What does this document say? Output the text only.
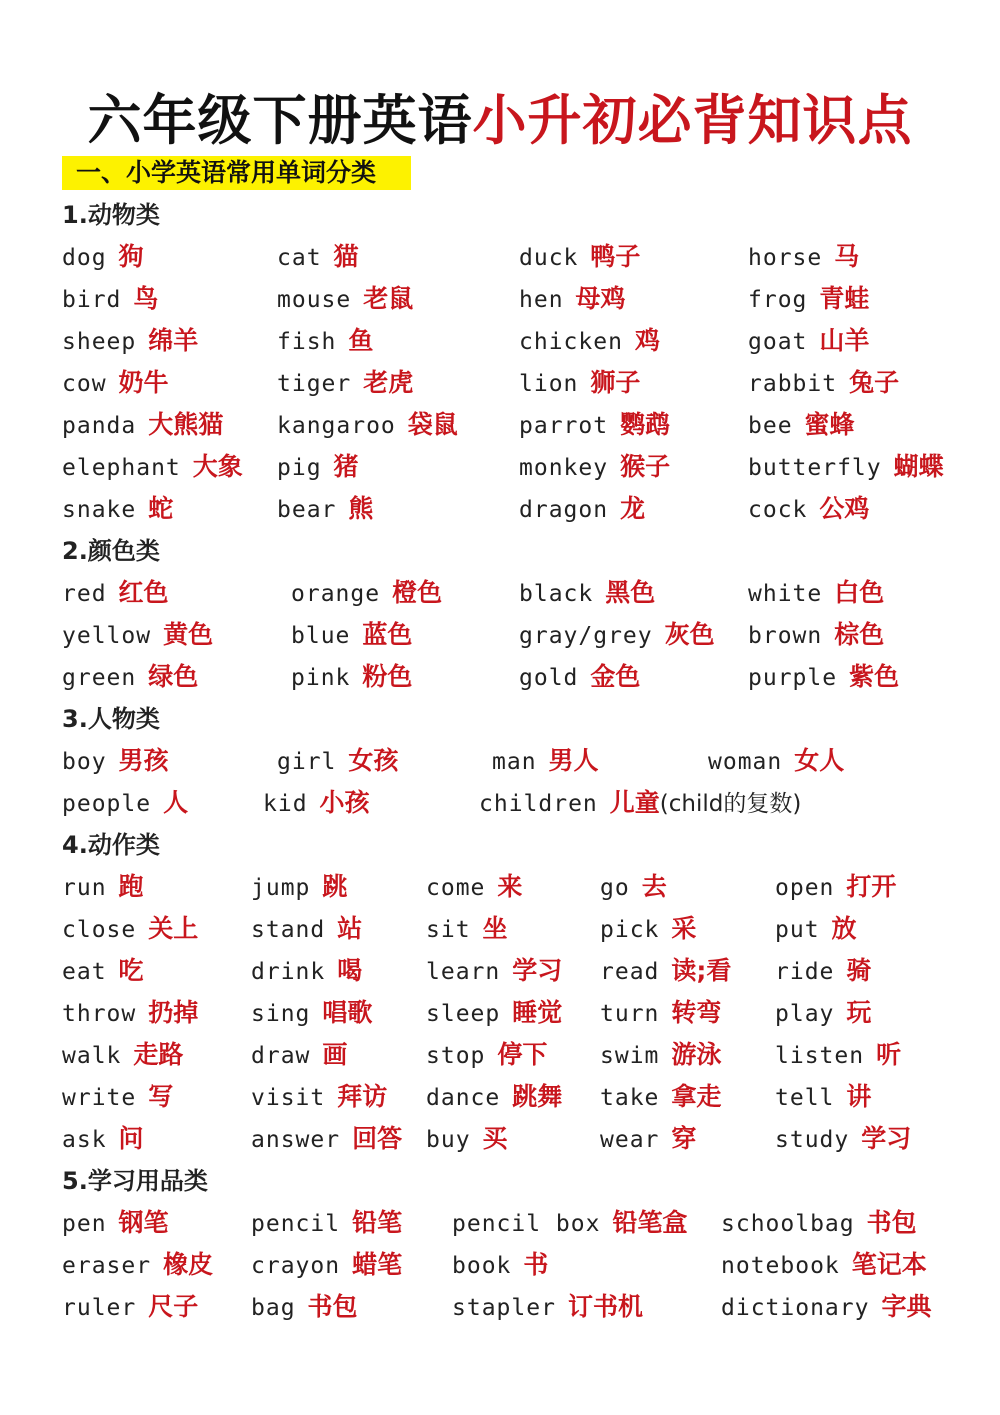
六年级下册英语小升初必背知识点
一、小学英语常用单词分类
1.动物类
dog 狗	cat 猫	duck 鸭子	horse 马
bird 鸟	mouse 老鼠	hen 母鸡	frog 青蛙
sheep 绵羊	fish 鱼	chicken 鸡	goat 山羊
cow 奶牛	tiger 老虎	lion 狮子	rabbit 兔子
panda 大熊猫 kangaroo 袋鼠	parrot 鹦鹉	bee 蜜蜂
elephant 大象 pig 猪	monkey 猴子	butterfly 蝴蝶
snake 蛇	bear 熊	dragon 龙	cock 公鸡
2.颜色类
red 红色	orange 橙色	black 黑色	white 白色
yellow 黄色	blue 蓝色	gray/grey 灰色 brown 棕色
green 绿色	pink 粉色	gold 金色	purple 紫色
3.人物类
boy 男孩	girl 女孩	man 男人	woman 女人
people 人	kid 小孩	children 儿童(child的复数)
4.动作类
run 跑	jump 跳	come 来	go 去	open 打开
close 关上 stand 站	sit 坐	pick 采	put 放
eat 吃	drink 喝	learn 学习 read 读;看 ride 骑
throw 扔掉 sing 唱歌 sleep 睡觉 turn 转弯 play 玩
walk 走路	draw 画	stop 停下 swim 游泳 listen 听
write 写	visit 拜访 dance 跳舞 take 拿走 tell 讲
ask 问	answer 回答 buy 买	wear 穿	study 学习
5.学习用品类
pen 钢笔	pencil 铅笔 pencil box 铅笔盒 schoolbag 书包
eraser 橡皮 crayon 蜡笔 book 书	notebook 笔记本
ruler 尺子 bag 书包	stapler 订书机	dictionary 字典
